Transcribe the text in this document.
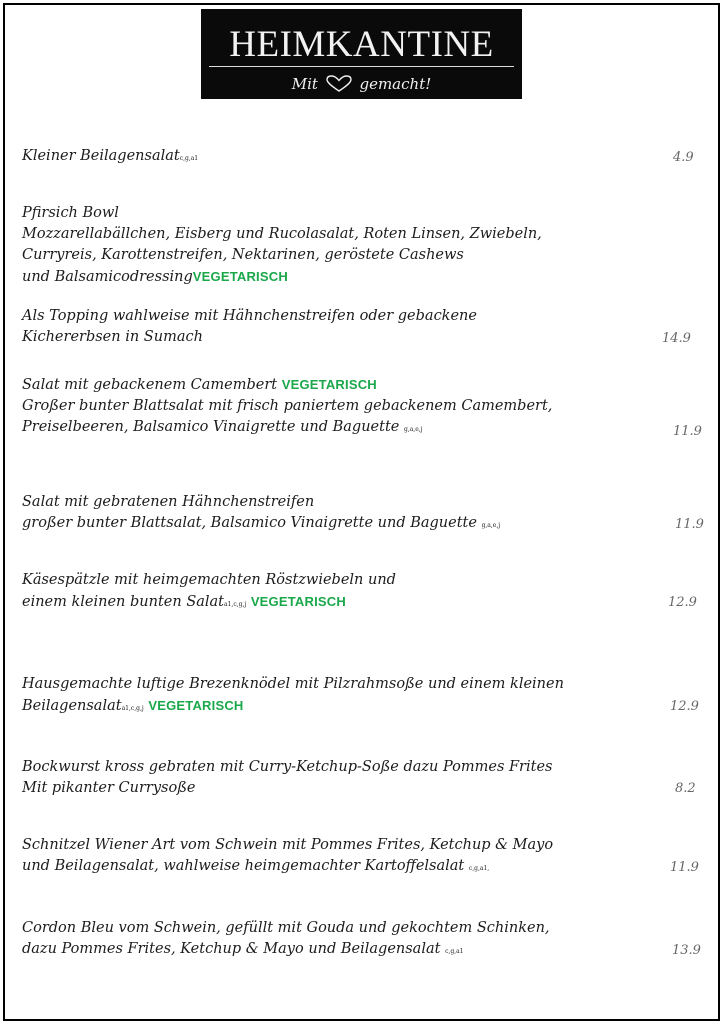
HEIMKANTINE
Mit	gemacht!
Kleiner Beilagensalatc,g,a1	4.9
Pfirsich Bowl
Mozzarellabällchen, Eisberg und Rucolasalat, Roten Linsen, Zwiebeln,
Curryreis, Karottenstreifen, Nektarinen, geröstete Cashews
und BalsamicodressingVEGETARISCH
Als Topping wahlweise mit Hähnchenstreifen oder gebackene
Kichererbsen in Sumach	14.9
Salat mit gebackenem Camembert VEGETARISCH
Großer bunter Blattsalat mit frisch paniertem gebackenem Camembert,
Preiselbeeren, Balsamico Vinaigrette und Baguette g,a,e,j	11.9
Salat mit gebratenen Hähnchenstreifen
großer bunter Blattsalat, Balsamico Vinaigrette und Baguette g,a,e,j	11.9
Käsespätzle mit heimgemachten Röstzwiebeln und
einem kleinen bunten Salata1,c,g,j VEGETARISCH	12.9
Hausgemachte luftige Brezenknödel mit Pilzrahmsoße und einem kleinen
Beilagensalata1,c,g,j VEGETARISCH	12.9
Bockwurst kross gebraten mit Curry-Ketchup-Soße dazu Pommes Frites
Mit pikanter Currysoße	8.2
Schnitzel Wiener Art vom Schwein mit Pommes Frites, Ketchup & Mayo
und Beilagensalat, wahlweise heimgemachter Kartoffelsalat c,g,a1,	11.9
Cordon Bleu vom Schwein, gefüllt mit Gouda und gekochtem Schinken,
dazu Pommes Frites, Ketchup & Mayo und Beilagensalat c,g,a1	13.9
